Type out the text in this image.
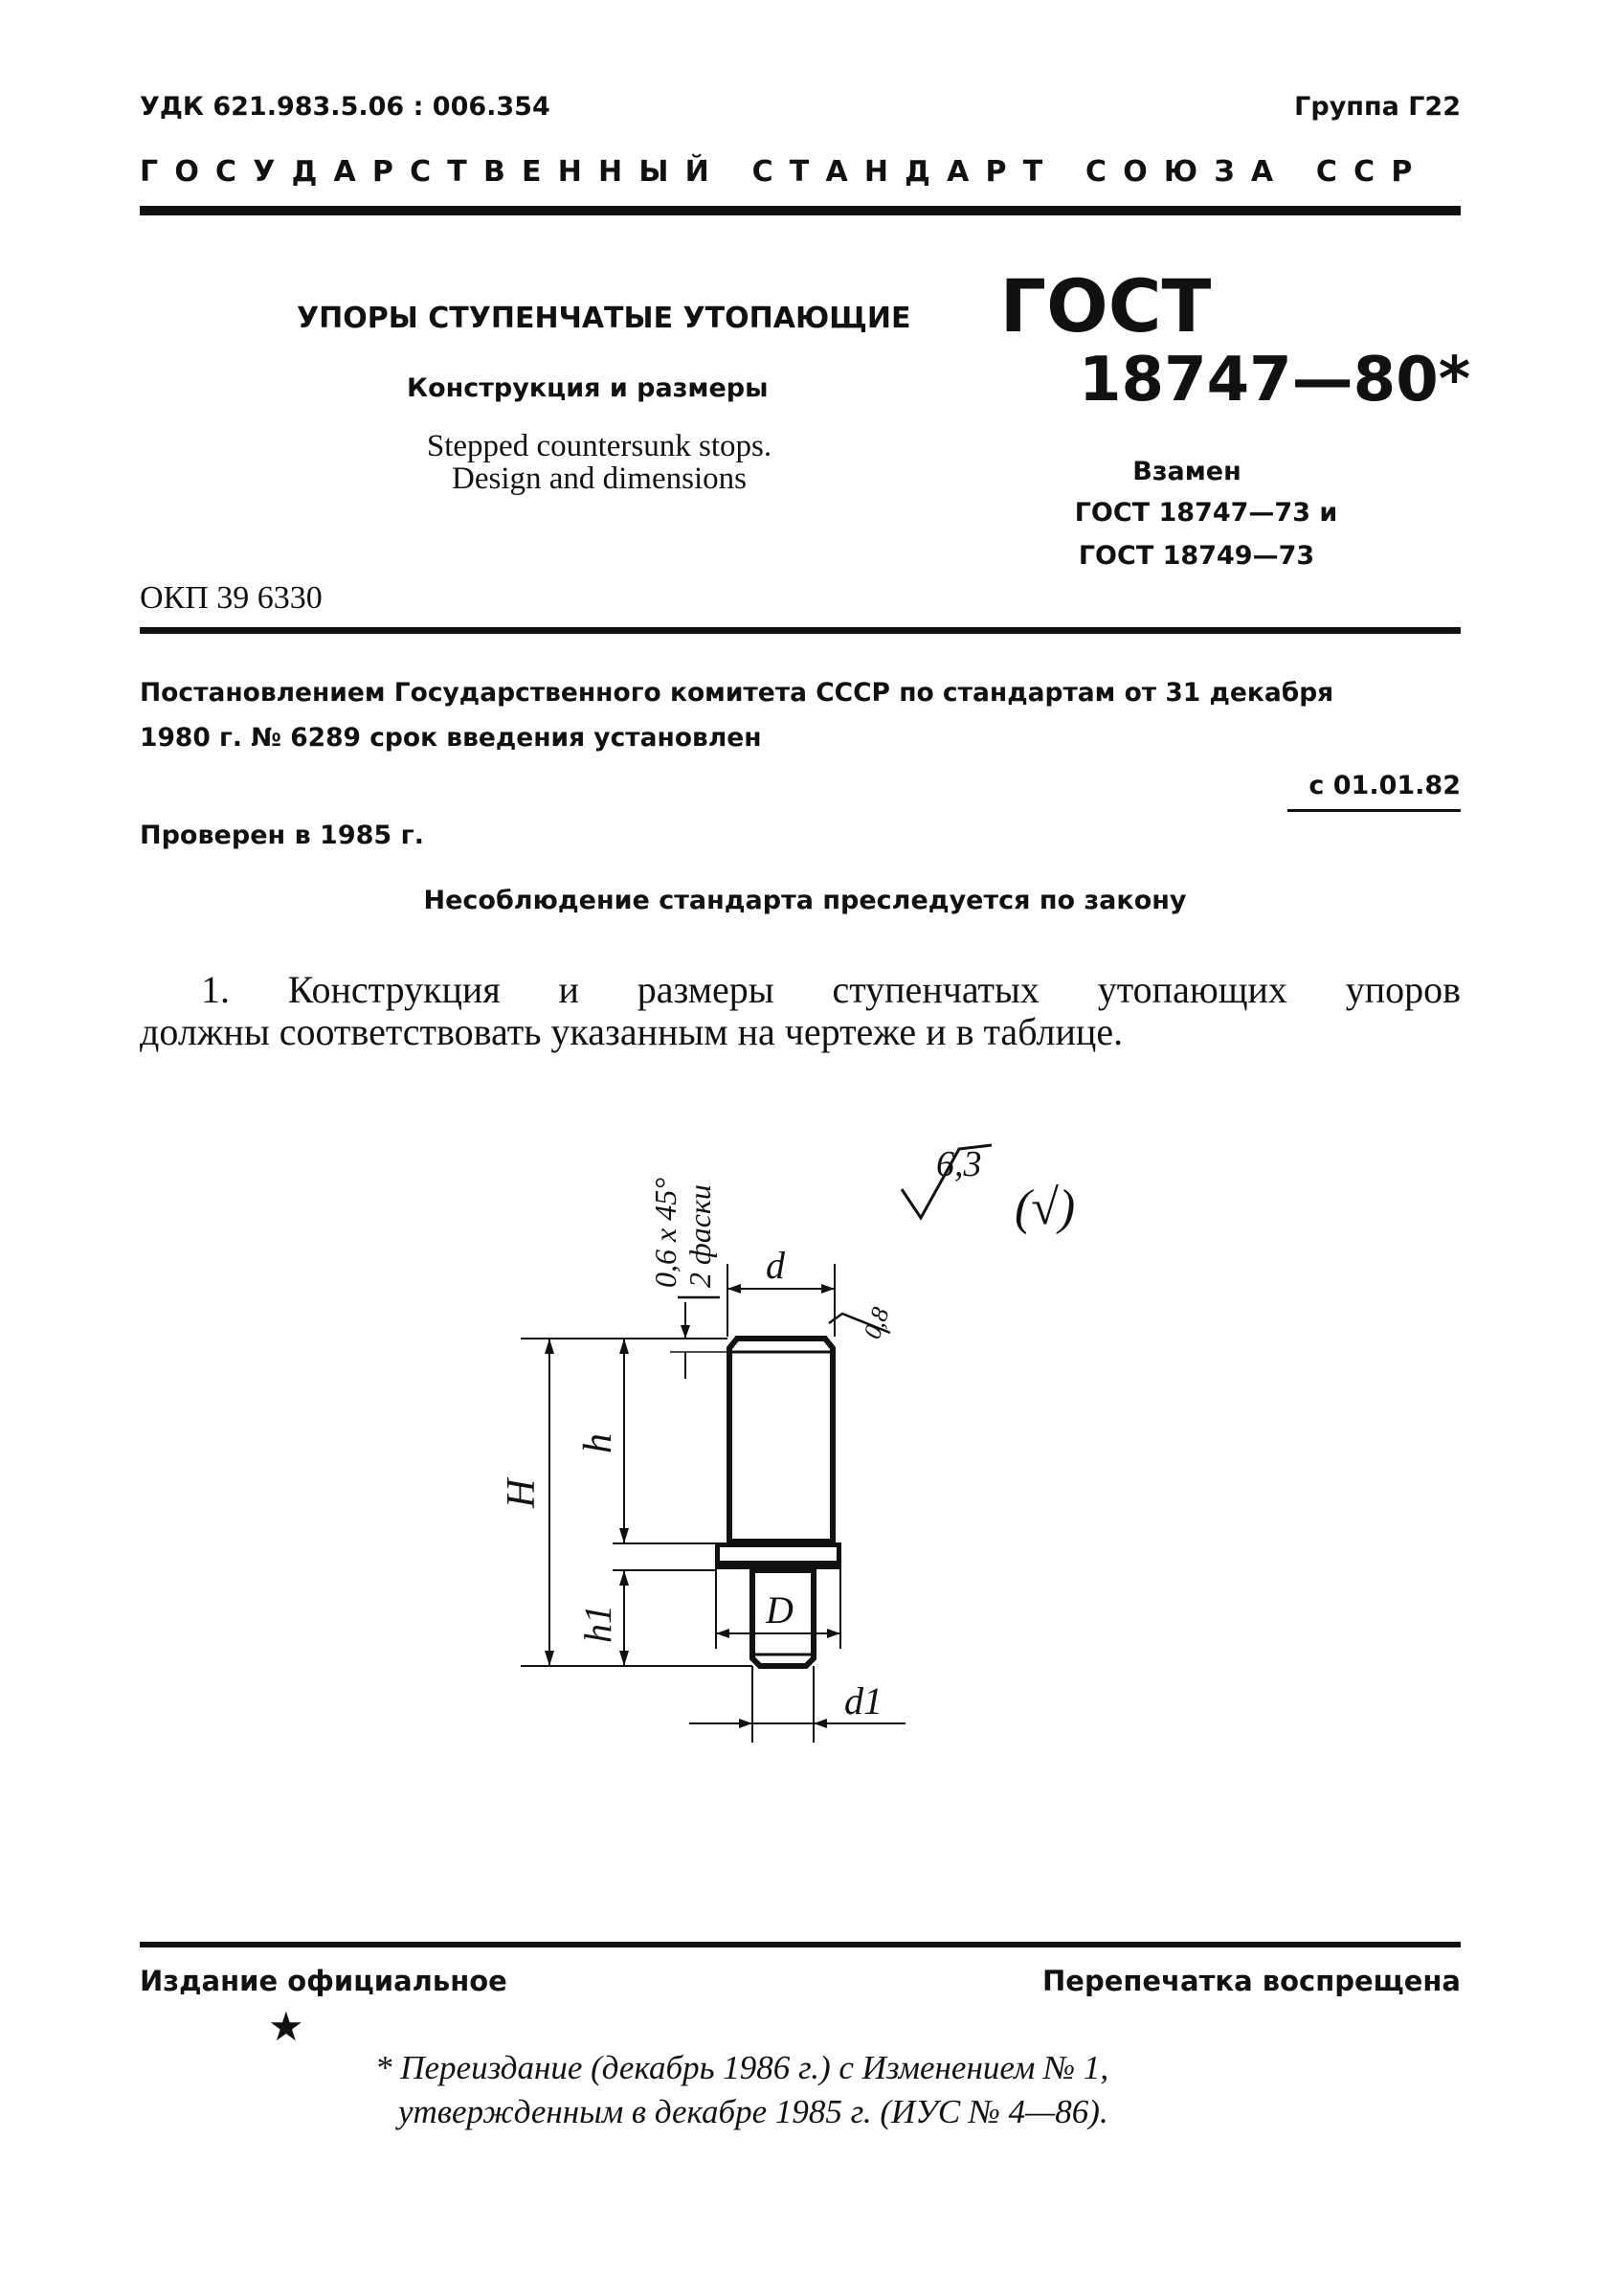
УДК 621.983.5.06 : 006.354	Группа Г22
ГОСУДАРСТВЕННЫЙ СТАНДАРТ СОЮЗА ССР
УПОРЫ СТУПЕНЧАТЫЕ УТОПАЮЩИЕ
Конструкция и размеры
Stepped countersunk stops.
Design and dimensions
ОКП 39 6330
ГОСТ
18747—80*
Взамен
ГОСТ 18747—73 и
ГОСТ 18749—73
Постановлением Государственного комитета СССР по стандартам от 31 декабря
1980 г. № 6289 срок введения установлен
с 01.01.82
Проверен в 1985 г.
Несоблюдение стандарта преследуется по закону
1. Конструкция и размеры ступенчатых утопающих упоров
должны соответствовать указанным на чертеже и в таблице.
6,3
(√)
0,6 x 45° 2 фаски d
0,8
H
h
h1	D
d1
Издание официальное	Перепечатка воспрещена
★
* Переиздание (декабрь 1986 г.) с Изменением № 1,
утвержденным в декабре 1985 г. (ИУС № 4—86).
